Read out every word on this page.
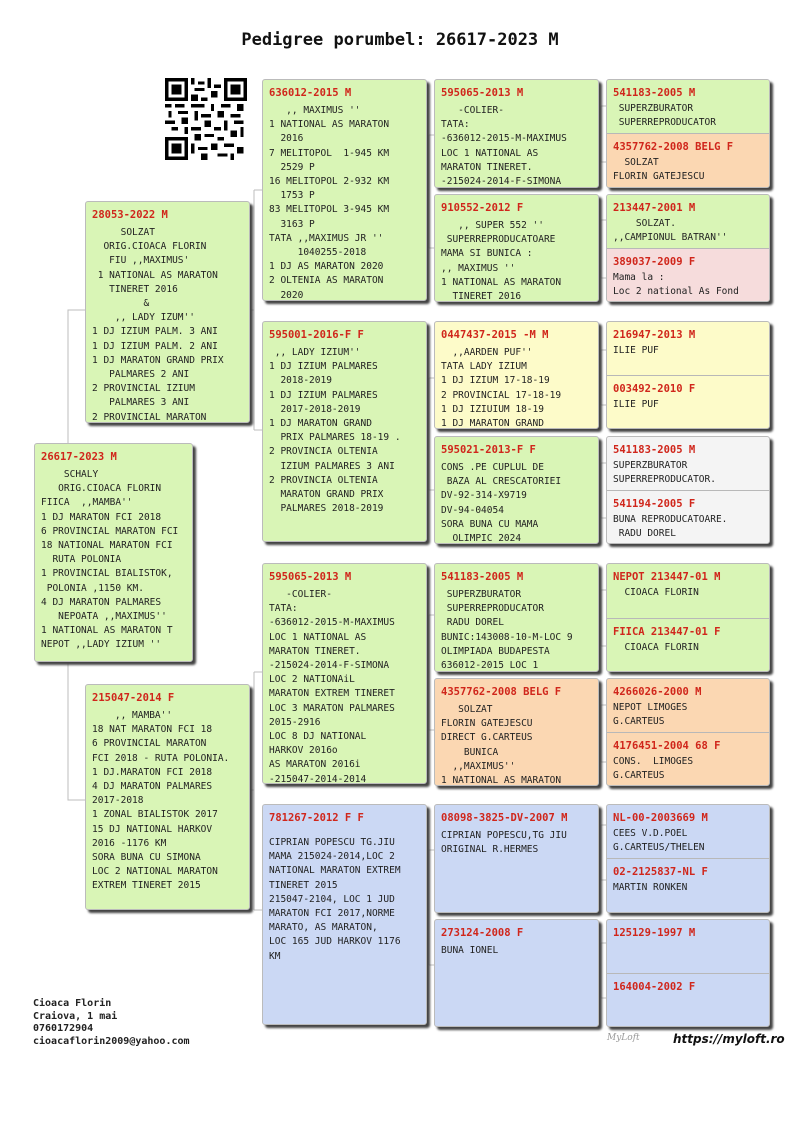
Pedigree porumbel: 26617-2023 M
26617-2023 M
SCHALY
ORIG.CIOACA FLORIN
FIICA  ,,MAMBA''
1 DJ MARATON FCI 2018
6 PROVINCIAL MARATON FCI
18 NATIONAL MARATON FCI
RUTA POLONIA
1 PROVINCIAL BIALISTOK,
POLONIA ,1150 KM.
4 DJ MARATON PALMARES
NEPOATA ,,MAXIMUS''
1 NATIONAL AS MARATON T
NEPOT ,,LADY IZIUM ''
28053-2022 M
SOLZAT
ORIG.CIOACA FLORIN
FIU ,,MAXIMUS'
1 NATIONAL AS MARATON
TINERET 2016
&
,, LADY IZUM''
1 DJ IZIUM PALM. 3 ANI
1 DJ IZIUM PALM. 2 ANI
1 DJ MARATON GRAND PRIX
PALMARES 2 ANI
2 PROVINCIAL IZIUM
PALMARES 3 ANI
2 PROVINCIAL MARATON
215047-2014 F
,, MAMBA''
18 NAT MARATON FCI 18
6 PROVINCIAL MARATON
FCI 2018 - RUTA POLONIA.
1 DJ.MARATON FCI 2018
4 DJ MARATON PALMARES
2017-2018
1 ZONAL BIALISTOK 2017
15 DJ NATIONAL HARKOV
2016 -1176 KM
SORA BUNA CU SIMONA
LOC 2 NATIONAL MARATON
EXTREM TINERET 2015
636012-2015 M
,, MAXIMUS ''
1 NATIONAL AS MARATON
2016
7 MELITOPOL  1-945 KM
2529 P
16 MELITOPOL 2-932 KM
1753 P
83 MELITOPOL 3-945 KM
3163 P
TATA ,,MAXIMUS JR ''
1040255-2018
1 DJ AS MARATON 2020
2 OLTENIA AS MARATON
2020
595001-2016-F F
,, LADY IZIUM''
1 DJ IZIUM PALMARES
2018-2019
1 DJ IZIUM PALMARES
2017-2018-2019
1 DJ MARATON GRAND
PRIX PALMARES 18-19 .
2 PROVINCIA OLTENIA
IZIUM PALMARES 3 ANI
2 PROVINCIA OLTENIA
MARATON GRAND PRIX
PALMARES 2018-2019
595065-2013 M
-COLIER-
TATA:
-636012-2015-M-MAXIMUS
LOC 1 NATIONAL AS
MARATON TINERET.
-215024-2014-F-SIMONA
LOC 2 NATIONAiL
MARATON EXTREM TINERET
LOC 3 MARATON PALMARES
2015-2916
LOC 8 DJ NATIONAL
HARKOV 2016o
AS MARATON 2016i
-215047-2014-2014
781267-2012 F F
CIPRIAN POPESCU TG.JIU
MAMA 215024-2014,LOC 2
NATIONAL MARATON EXTREM
TINERET 2015
215047-2104, LOC 1 JUD
MARATON FCI 2017,NORME
MARATO, AS MARATON,
LOC 165 JUD HARKOV 1176
KM
595065-2013 M
-COLIER-
TATA:
-636012-2015-M-MAXIMUS
LOC 1 NATIONAL AS
MARATON TINERET.
-215024-2014-F-SIMONA
910552-2012 F
,, SUPER 552 ''
SUPERREPRODUCATOARE
MAMA SI BUNICA :
,, MAXIMUS ''
1 NATIONAL AS MARATON
TINERET 2016
0447437-2015 -M M
,,AARDEN PUF''
TATA LADY IZIUM
1 DJ IZIUM 17-18-19
2 PROVINCIAL 17-18-19
1 DJ IZIUIUM 18-19
1 DJ MARATON GRAND
595021-2013-F F
CONS .PE CUPLUL DE
BAZA AL CRESCATORIEI
DV-92-314-X9719
DV-94-04054
SORA BUNA CU MAMA
OLIMPIC 2024
541183-2005 M
SUPERZBURATOR
SUPERREPRODUCATOR
RADU DOREL
BUNIC:143008-10-M-LOC 9
OLIMPIADA BUDAPESTA
636012-2015 LOC 1
4357762-2008 BELG F
SOLZAT
FLORIN GATEJESCU
DIRECT G.CARTEUS
BUNICA
,,MAXIMUS''
1 NATIONAL AS MARATON
08098-3825-DV-2007 M
CIPRIAN POPESCU,TG JIU
ORIGINAL R.HERMES
273124-2008 F
BUNA IONEL
541183-2005 M
SUPERZBURATOR
SUPERREPRODUCATOR
4357762-2008 BELG F
SOLZAT
FLORIN GATEJESCU
213447-2001 M
SOLZAT.
,,CAMPIONUL BATRAN''
389037-2009 F
Mama la :
Loc 2 national As Fond
216947-2013 M
ILIE PUF
003492-2010 F
ILIE PUF
541183-2005 M
SUPERZBURATOR
SUPERREPRODUCATOR.
541194-2005 F
BUNA REPRODUCATOARE.
RADU DOREL
NEPOT 213447-01 M
CIOACA FLORIN
FIICA 213447-01 F
CIOACA FLORIN
4266026-2000 M
NEPOT LIMOGES
G.CARTEUS
4176451-2004 68 F
CONS.  LIMOGES
G.CARTEUS
NL-00-2003669 M
CEES V.D.POEL
G.CARTEUS/THELEN
02-2125837-NL F
MARTIN RONKEN
125129-1997 M
164004-2002 F
Cioaca Florin
Craiova, 1 mai
0760172904
cioacaflorin2009@yahoo.com	MyLoft	https://myloft.ro
